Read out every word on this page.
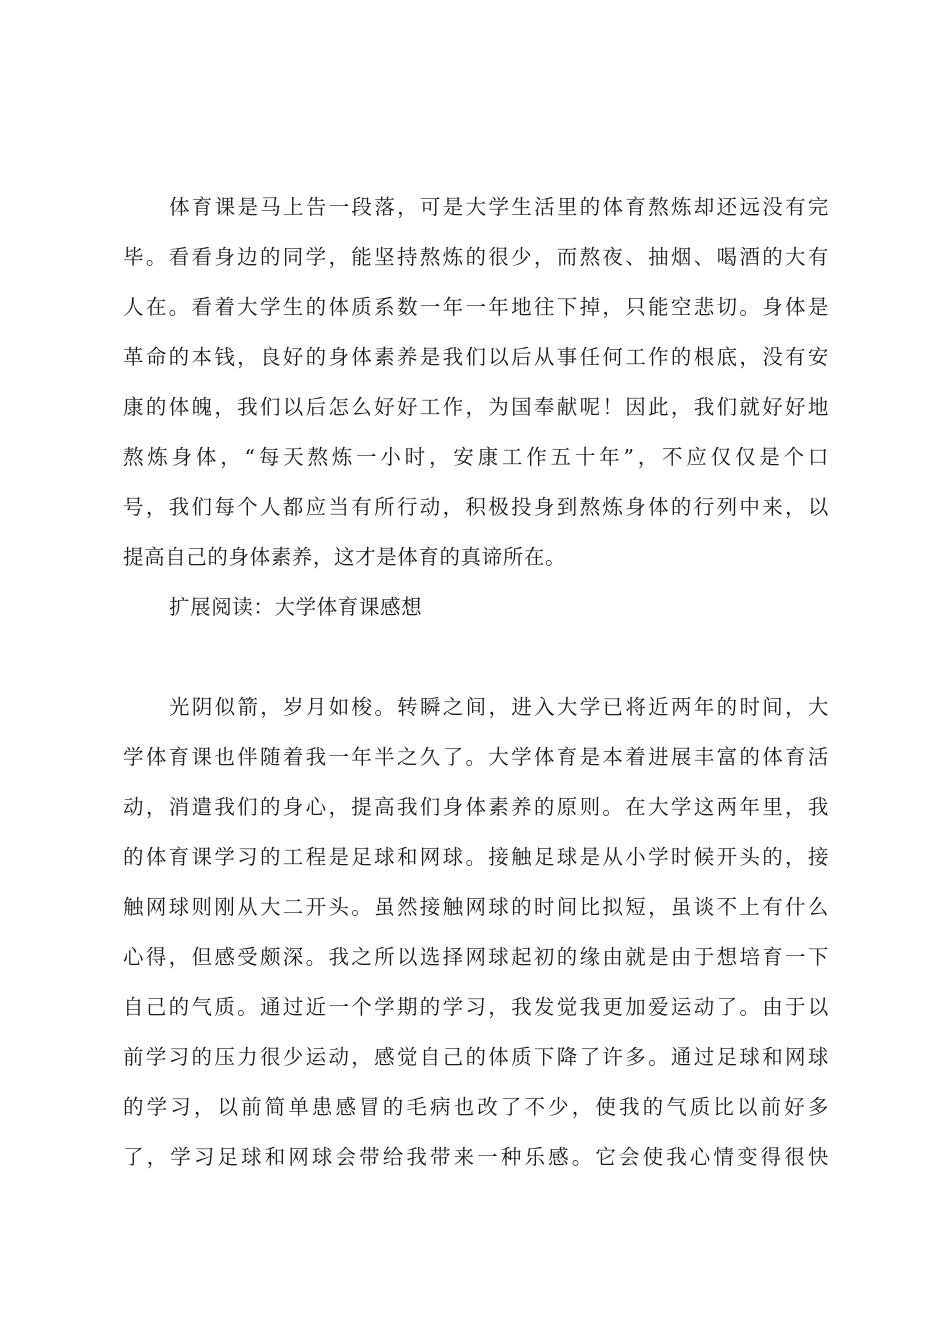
体育课是马上告一段落，可是大学生活里的体育熬炼却还远没有完
毕。看看身边的同学，能坚持熬炼的很少，而熬夜、抽烟、喝酒的大有
人在。看着大学生的体质系数一年一年地往下掉，只能空悲切。身体是
革命的本钱，良好的身体素养是我们以后从事任何工作的根底，没有安
康的体魄，我们以后怎么好好工作，为国奉献呢！因此，我们就好好地
熬炼身体，“每天熬炼一小时，安康工作五十年”，不应仅仅是个口
号，我们每个人都应当有所行动，积极投身到熬炼身体的行列中来，以
提高自己的身体素养，这才是体育的真谛所在。
扩展阅读：大学体育课感想
光阴似箭，岁月如梭。转瞬之间，进入大学已将近两年的时间，大
学体育课也伴随着我一年半之久了。大学体育是本着进展丰富的体育活
动，消遣我们的身心，提高我们身体素养的原则。在大学这两年里，我
的体育课学习的工程是足球和网球。接触足球是从小学时候开头的，接
触网球则刚从大二开头。虽然接触网球的时间比拟短，虽谈不上有什么
心得，但感受颇深。我之所以选择网球起初的缘由就是由于想培育一下
自己的气质。通过近一个学期的学习，我发觉我更加爱运动了。由于以
前学习的压力很少运动，感觉自己的体质下降了许多。通过足球和网球
的学习，以前简单患感冒的毛病也改了不少，使我的气质比以前好多
了，学习足球和网球会带给我带来一种乐感。它会使我心情变得很快
